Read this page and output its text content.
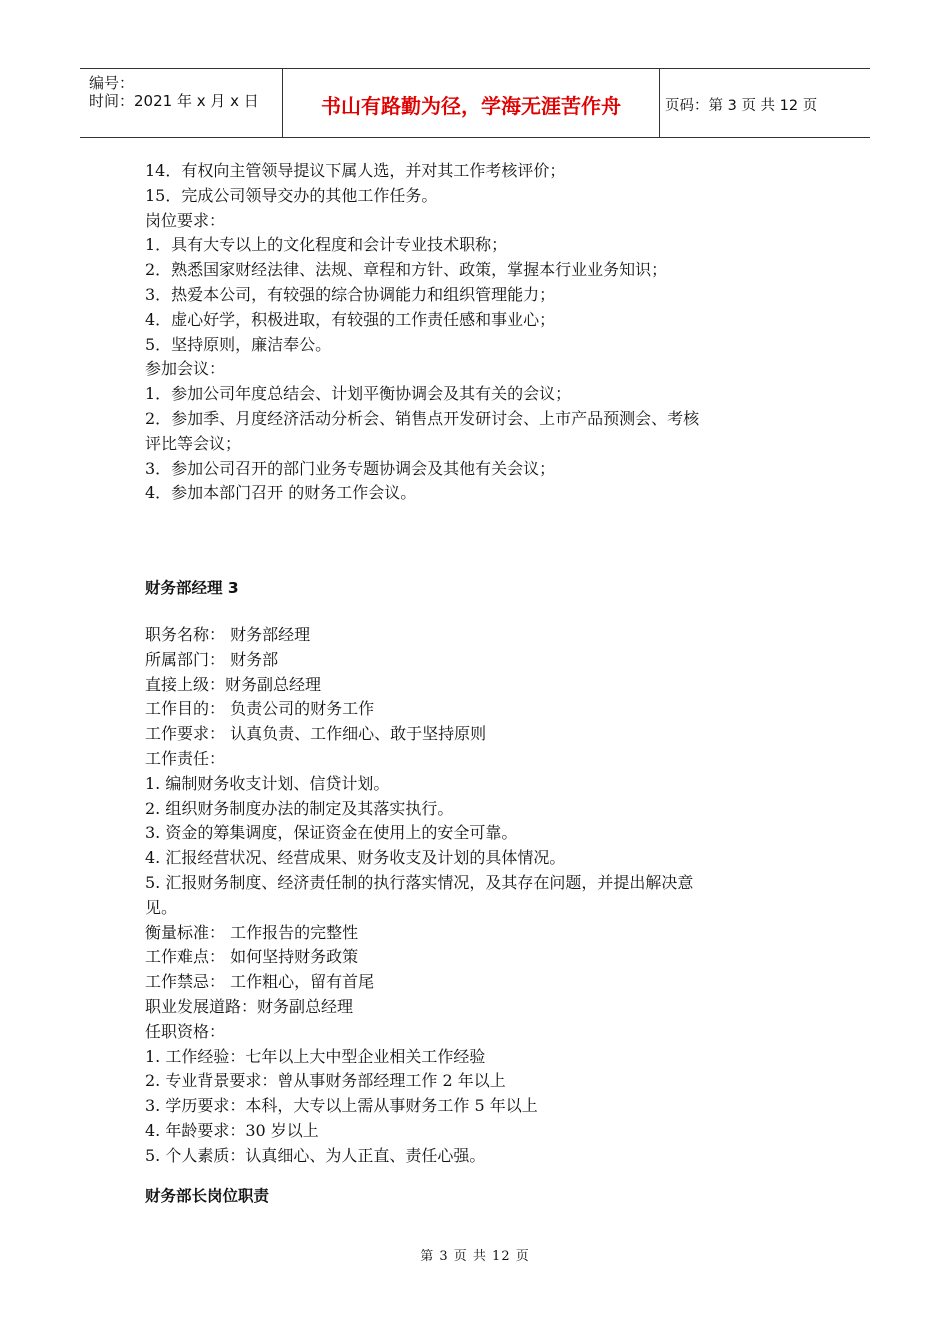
编号：
时间：2021 年 x 月 x 日	书山有路勤为径，学海无涯苦作舟	页码：第 3 页 共 12 页
14．有权向主管领导提议下属人选，并对其工作考核评价；
15．完成公司领导交办的其他工作任务。
岗位要求：
1．具有大专以上的文化程度和会计专业技术职称；
2．熟悉国家财经法律、法规、章程和方针、政策，掌握本行业业务知识；
3．热爱本公司，有较强的综合协调能力和组织管理能力；
4．虚心好学，积极进取，有较强的工作责任感和事业心；
5．坚持原则，廉洁奉公。
参加会议：
1．参加公司年度总结会、计划平衡协调会及其有关的会议；
2．参加季、月度经济活动分析会、销售点开发研讨会、上市产品预测会、考核
评比等会议；
3．参加公司召开的部门业务专题协调会及其他有关会议；
4．参加本部门召开 的财务工作会议。
财务部经理 3
职务名称： 财务部经理
所属部门： 财务部
直接上级：财务副总经理
工作目的： 负责公司的财务工作
工作要求： 认真负责、工作细心、敢于坚持原则
工作责任：
1. 编制财务收支计划、信贷计划。
2. 组织财务制度办法的制定及其落实执行。
3. 资金的筹集调度，保证资金在使用上的安全可靠。
4. 汇报经营状况、经营成果、财务收支及计划的具体情况。
5. 汇报财务制度、经济责任制的执行落实情况，及其存在问题，并提出解决意
见。
衡量标准： 工作报告的完整性
工作难点： 如何坚持财务政策
工作禁忌： 工作粗心，留有首尾
职业发展道路：财务副总经理
任职资格：
1. 工作经验：七年以上大中型企业相关工作经验
2. 专业背景要求：曾从事财务部经理工作 2 年以上
3. 学历要求：本科，大专以上需从事财务工作 5 年以上
4. 年龄要求：30 岁以上
5. 个人素质：认真细心、为人正直、责任心强。
财务部长岗位职责
第 3 页 共 12 页
